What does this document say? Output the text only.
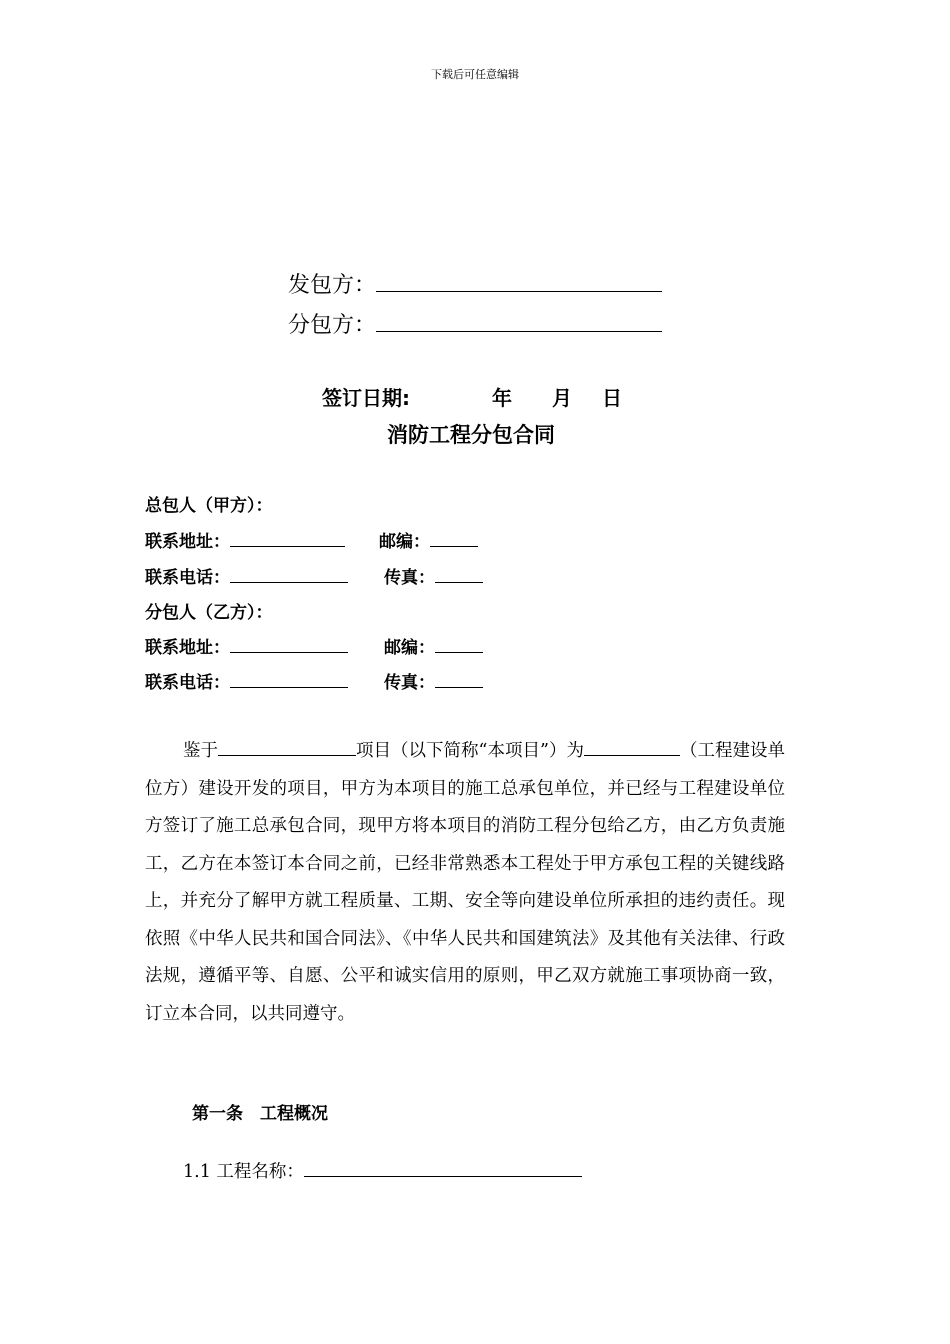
下载后可任意编辑
发包方：
分包方：
签订日期:	年 月 日
消防工程分包合同
总包人（甲方）：
联系地址：	邮编：
联系电话：	传真：
分包人（乙方）：
联系地址：	邮编：
联系电话：	传真：
鉴于	项目（以下简称“本项目”）为	（工程建设单位方）建设开发的项目，甲方为本项目的施工总承包单位，并已经与工程建设单位方签订了施工总承包合同，现甲方将本项目的消防工程分包给乙方，由乙方负责施工，乙方在本签订本合同之前，已经非常熟悉本工程处于甲方承包工程的关键线路上，并充分了解甲方就工程质量、工期、安全等向建设单位所承担的违约责任。现依照《中华人民共和国合同法》、《中华人民共和国建筑法》及其他有关法律、行政法规，遵循平等、自愿、公平和诚实信用的原则，甲乙双方就施工事项协商一致，订立本合同，以共同遵守。
第一条　工程概况
1.1 工程名称：
